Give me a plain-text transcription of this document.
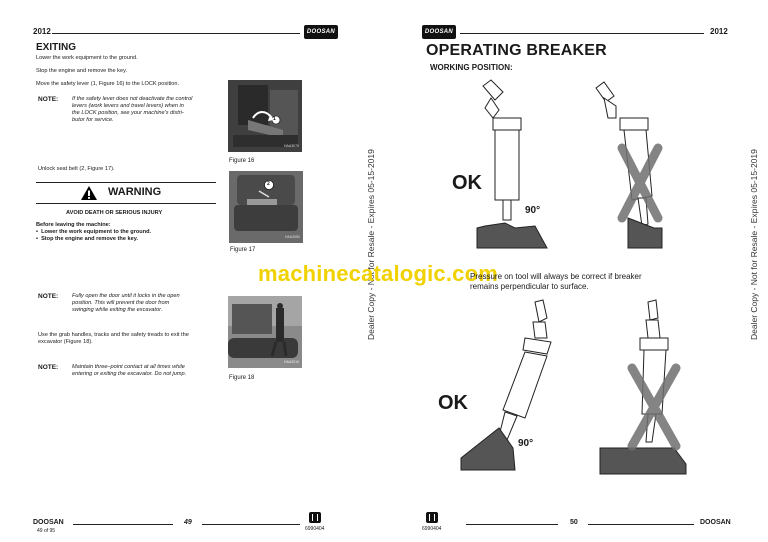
2012	DOOSAN
EXITING
Lower the work equipment to the ground.
Stop the engine and remove the key.
Move the safety lever (1, Figure 16) to the LOCK position.
NOTE: If the safety lever does not deactivate the control
levers (work levers and travel levers) when in
the LOCK position, see your machine's distri-
butor for service.	1
HAA3070
Figure 16
Unlock seat belt (2, Figure 17).
2
HAA3080
Figure 17
WARNING
AVOID DEATH OR SERIOUS INJURY
Before leaving the machine:
•  Lower the work equipment to the ground.
•  Stop the engine and remove the key.
NOTE: Fully open the door until it locks in the open
position. This will prevent the door from
swinging while exiting the excavator.
Use the grab handles, tracks and the safety treads to exit the
excavator (Figure 18).
HAA3010
Figure 18
NOTE: Maintain three–point contact at all times while
entering or exiting the excavator. Do not jump.
DOOSAN
49 of 95
49
6990404
Dealer Copy - Not for Resale - Expires 05-15-2019	Dealer Copy - Not for Resale - Expires 05-15-2019
DOOSAN	2012
OPERATING BREAKER
WORKING POSITION:
OK
90°
machinecatalogic.com
Pressure on tool will always be correct if breaker
remains perpendicular to surface.
OK
90°
6990404
50	DOOSAN
